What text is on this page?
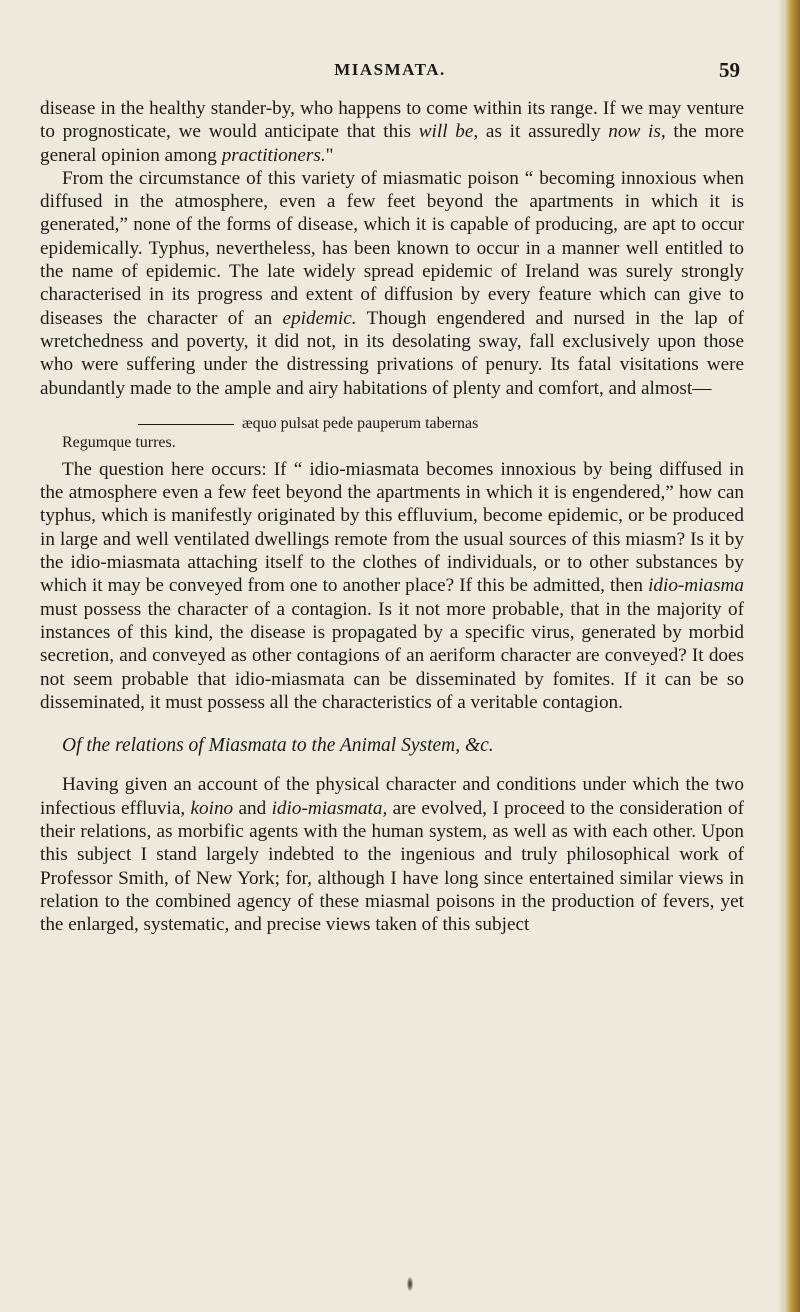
MIASMATA.	59

disease in the healthy stander-by, who happens to come within its range. If we may venture to prognosticate, we would anticipate that this will be, as it assuredly now is, the more general opinion among practitioners."

From the circumstance of this variety of miasmatic poison “ becoming innoxious when diffused in the atmosphere, even a few feet beyond the apartments in which it is generated,” none of the forms of disease, which it is capable of producing, are apt to occur epidemically. Typhus, nevertheless, has been known to occur in a manner well entitled to the name of epidemic. The late widely spread epidemic of Ireland was surely strongly characterised in its progress and extent of diffusion by every feature which can give to diseases the character of an epidemic. Though engendered and nursed in the lap of wretchedness and poverty, it did not, in its desolating sway, fall exclusively upon those who were suffering under the distressing privations of penury. Its fatal visitations were abundantly made to the ample and airy habitations of plenty and comfort, and almost—

æquo pulsat pede pauperum tabernas
Regumque turres.

The question here occurs: If “ idio-miasmata becomes innoxious by being diffused in the atmosphere even a few feet beyond the apartments in which it is engendered,” how can typhus, which is manifestly originated by this effluvium, become epidemic, or be produced in large and well ventilated dwellings remote from the usual sources of this miasm? Is it by the idio-miasmata attaching itself to the clothes of individuals, or to other substances by which it may be conveyed from one to another place? If this be admitted, then idio-miasma must possess the character of a contagion. Is it not more probable, that in the majority of instances of this kind, the disease is propagated by a specific virus, generated by morbid secretion, and conveyed as other contagions of an aeriform character are conveyed? It does not seem probable that idio-miasmata can be disseminated by fomites. If it can be so disseminated, it must possess all the characteristics of a veritable contagion.

Of the relations of Miasmata to the Animal System, &c.

Having given an account of the physical character and conditions under which the two infectious effluvia, koino and idio-miasmata, are evolved, I proceed to the consideration of their relations, as morbific agents with the human system, as well as with each other. Upon this subject I stand largely indebted to the ingenious and truly philosophical work of Professor Smith, of New York; for, although I have long since entertained similar views in relation to the combined agency of these miasmal poisons in the production of fevers, yet the enlarged, systematic, and precise views taken of this subject
